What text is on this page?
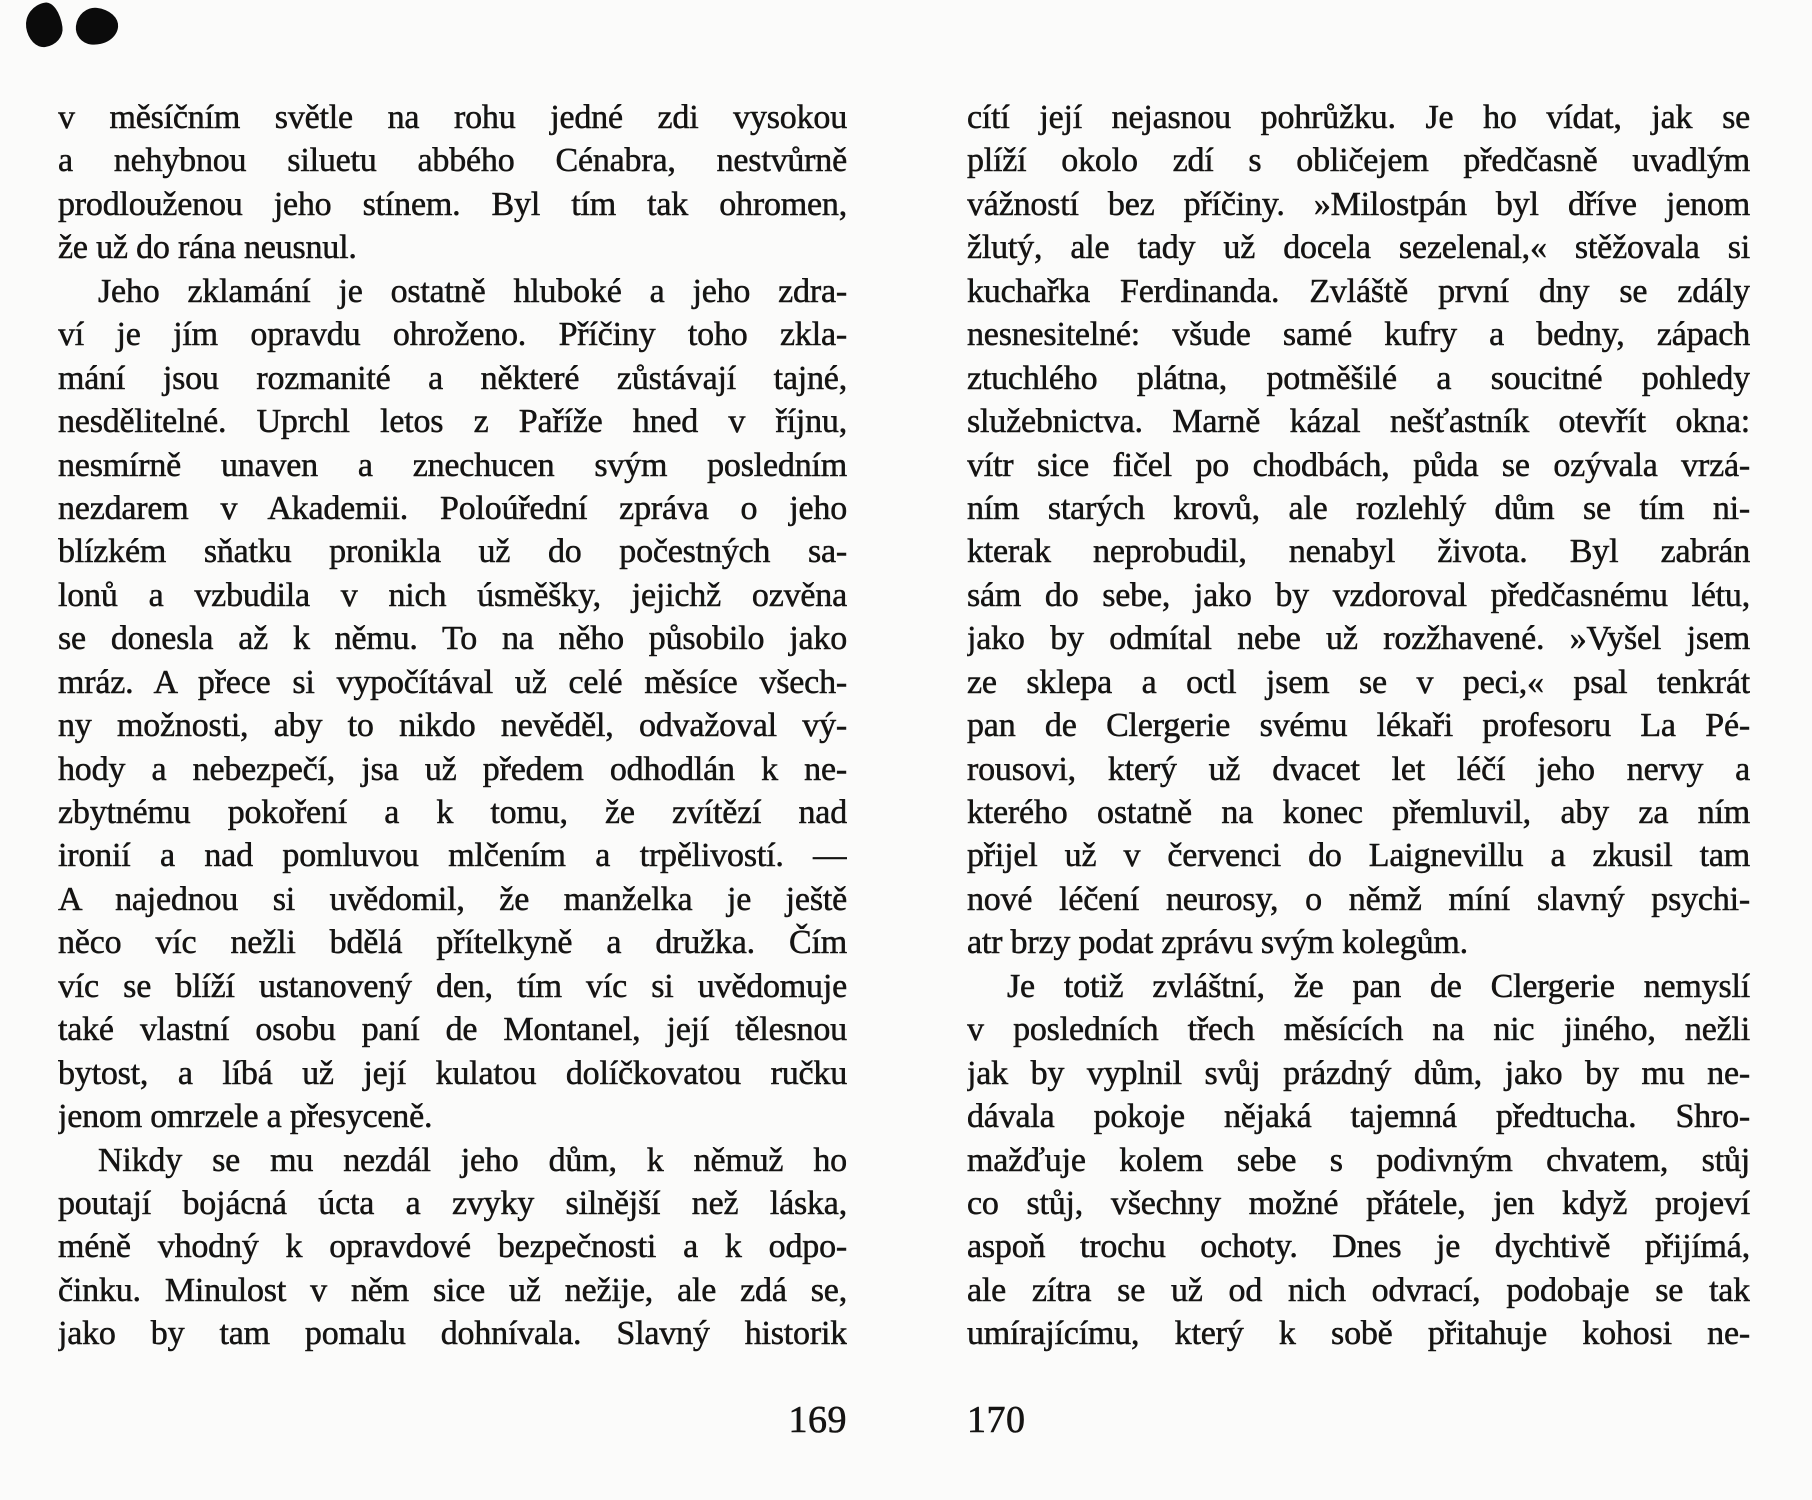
v měsíčním světle na rohu jedné zdi vysokou
a nehybnou siluetu abbého Cénabra, nestvůrně
prodlouženou jeho stínem. Byl tím tak ohromen,
že už do rána neusnul.
Jeho zklamání je ostatně hluboké a jeho zdra-
ví je jím opravdu ohroženo. Příčiny toho zkla-
mání jsou rozmanité a některé zůstávají tajné,
nesdělitelné. Uprchl letos z Paříže hned v říjnu,
nesmírně unaven a znechucen svým posledním
nezdarem v Akademii. Poloúřední zpráva o jeho
blízkém sňatku pronikla už do počestných sa-
lonů a vzbudila v nich úsměšky, jejichž ozvěna
se donesla až k němu. To na něho působilo jako
mráz. A přece si vypočítával už celé měsíce všech-
ny možnosti, aby to nikdo nevěděl, odvažoval vý-
hody a nebezpečí, jsa už předem odhodlán k ne-
zbytnému pokoření a k tomu, že zvítězí nad
ironií a nad pomluvou mlčením a trpělivostí. —
A najednou si uvědomil, že manželka je ještě
něco víc nežli bdělá přítelkyně a družka. Čím
víc se blíží ustanovený den, tím víc si uvědomuje
také vlastní osobu paní de Montanel, její tělesnou
bytost, a líbá už její kulatou dolíčkovatou ručku
jenom omrzele a přesyceně.
Nikdy se mu nezdál jeho dům, k němuž ho
poutají bojácná úcta a zvyky silnější než láska,
méně vhodný k opravdové bezpečnosti a k odpo-
činku. Minulost v něm sice už nežije, ale zdá se,
jako by tam pomalu dohnívala. Slavný historik
cítí její nejasnou pohrůžku. Je ho vídat, jak se
plíží okolo zdí s obličejem předčasně uvadlým
vážností bez příčiny. »Milostpán byl dříve jenom
žlutý, ale tady už docela sezelenal,« stěžovala si
kuchařka Ferdinanda. Zvláště první dny se zdály
nesnesitelné: všude samé kufry a bedny, zápach
ztuchlého plátna, potměšilé a soucitné pohledy
služebnictva. Marně kázal nešťastník otevřít okna:
vítr sice fičel po chodbách, půda se ozývala vrzá-
ním starých krovů, ale rozlehlý dům se tím ni-
kterak neprobudil, nenabyl života. Byl zabrán
sám do sebe, jako by vzdoroval předčasnému létu,
jako by odmítal nebe už rozžhavené. »Vyšel jsem
ze sklepa a octl jsem se v peci,« psal tenkrát
pan de Clergerie svému lékaři profesoru La Pé-
rousovi, který už dvacet let léčí jeho nervy a
kterého ostatně na konec přemluvil, aby za ním
přijel už v červenci do Laignevillu a zkusil tam
nové léčení neurosy, o němž míní slavný psychi-
atr brzy podat zprávu svým kolegům.
Je totiž zvláštní, že pan de Clergerie nemyslí
v posledních třech měsících na nic jiného, nežli
jak by vyplnil svůj prázdný dům, jako by mu ne-
dávala pokoje nějaká tajemná předtucha. Shro-
mažďuje kolem sebe s podivným chvatem, stůj
co stůj, všechny možné přátele, jen když projeví
aspoň trochu ochoty. Dnes je dychtivě přijímá,
ale zítra se už od nich odvrací, podobaje se tak
umírajícímu, který k sobě přitahuje kohosi ne-
169	170
